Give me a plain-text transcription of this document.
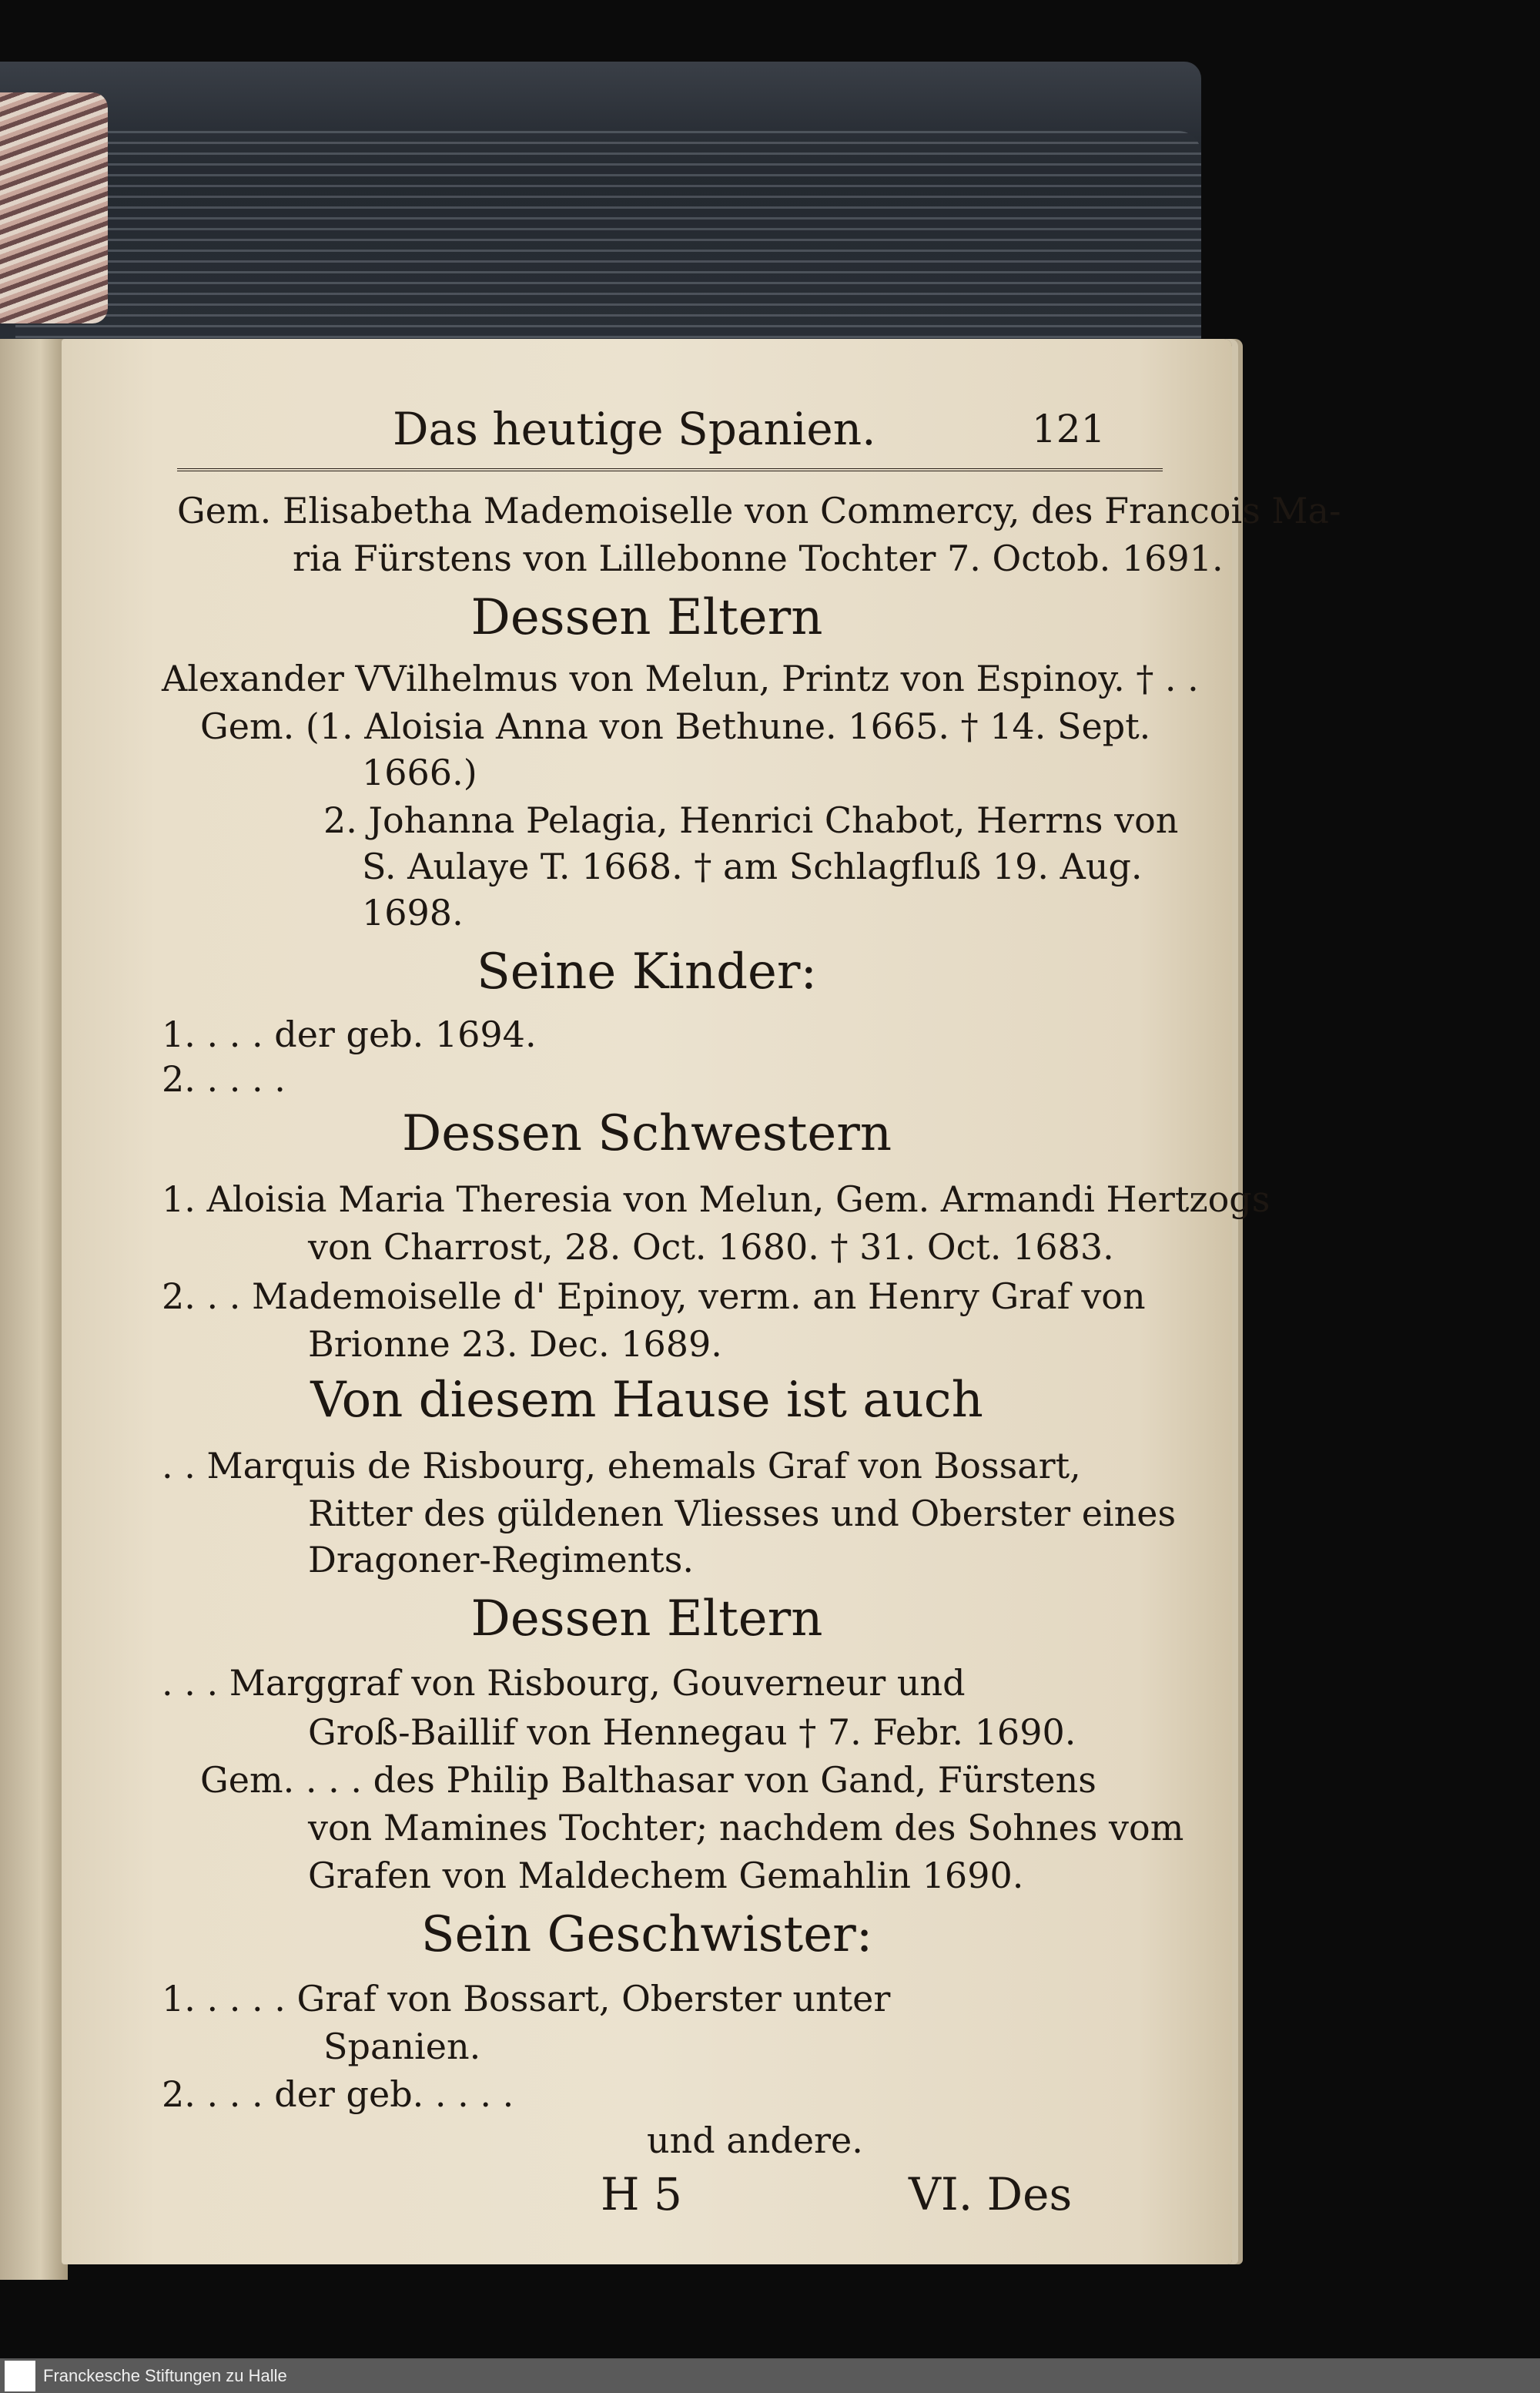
Das heutige Spanien.	121
Gem. Elisabetha Mademoiselle von Commercy, des Francois Ma-
ria Fürstens von Lillebonne Tochter 7. Octob. 1691.
Dessen Eltern
Alexander VVilhelmus von Melun, Printz von Espinoy. † . .
Gem. (1. Aloisia Anna von Bethune. 1665. † 14. Sept.
1666.)
2. Johanna Pelagia, Henrici Chabot, Herrns von
S. Aulaye T. 1668. † am Schlagfluß 19. Aug.
1698.
Seine Kinder:
1. . . . der geb. 1694.
2. . . . .
Dessen Schwestern
1. Aloisia Maria Theresia von Melun, Gem. Armandi Hertzogs
von Charrost, 28. Oct. 1680. † 31. Oct. 1683.
2. . . Mademoiselle d' Epinoy, verm. an Henry Graf von
Brionne 23. Dec. 1689.
Von diesem Hause ist auch
. . Marquis de Risbourg, ehemals Graf von Bossart,
Ritter des güldenen Vliesses und Oberster eines
Dragoner-Regiments.
Dessen Eltern
. . . Marggraf von Risbourg, Gouverneur und
Groß-Baillif von Hennegau † 7. Febr. 1690.
Gem. . . . des Philip Balthasar von Gand, Fürstens
von Mamines Tochter; nachdem des Sohnes vom
Grafen von Maldechem Gemahlin 1690.
Sein Geschwister:
1. . . . . Graf von Bossart, Oberster unter
Spanien.
2. . . . der geb. . . . .
und andere.
H 5	VI. Des
Franckesche Stiftungen zu Halle
